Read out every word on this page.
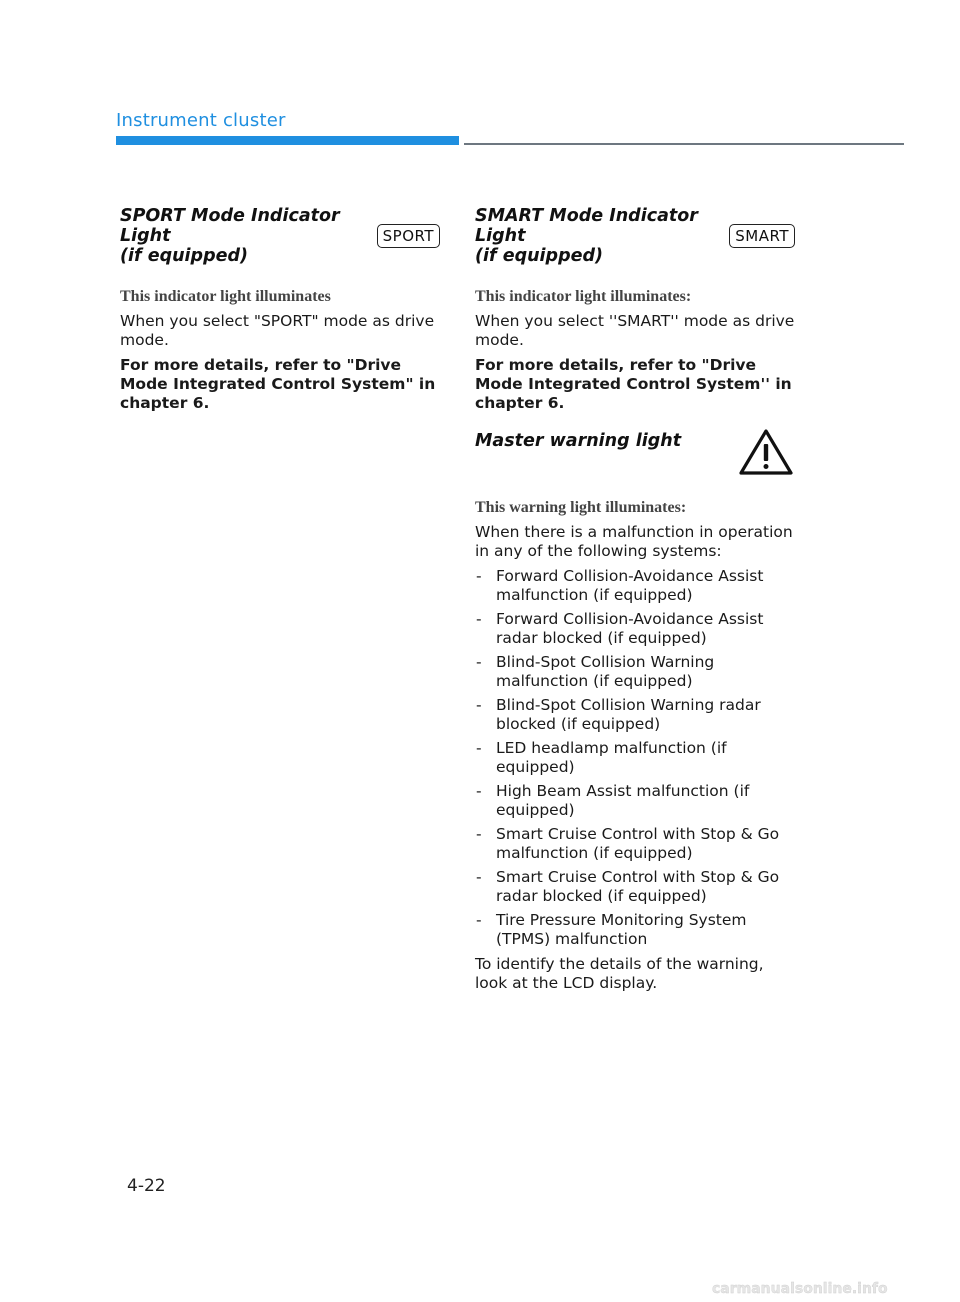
Instrument cluster
SPORT Mode Indicator Light
(if equipped)
SPORT
This indicator light illuminates

When you select "SPORT" mode as drive mode.

For more details, refer to "Drive Mode Integrated Control System" in chapter 6.

SMART Mode Indicator Light
(if equipped)
SMART
This indicator light illuminates:

When you select ''SMART'' mode as drive mode.

For more details, refer to "Drive Mode Integrated Control System'' in chapter 6.

Master warning light
This warning light illuminates:

When there is a malfunction in operation in any of the following systems:

- Forward Collision-Avoidance Assist malfunction (if equipped)
- Forward Collision-Avoidance Assist radar blocked (if equipped)
- Blind-Spot Collision Warning malfunction (if equipped)
- Blind-Spot Collision Warning radar blocked (if equipped)
- LED headlamp malfunction (if equipped)
- High Beam Assist malfunction (if equipped)
- Smart Cruise Control with Stop & Go malfunction (if equipped)
- Smart Cruise Control with Stop & Go radar blocked (if equipped)
- Tire Pressure Monitoring System (TPMS) malfunction

To identify the details of the warning, look at the LCD display.

4-22
carmanualsonline.info
